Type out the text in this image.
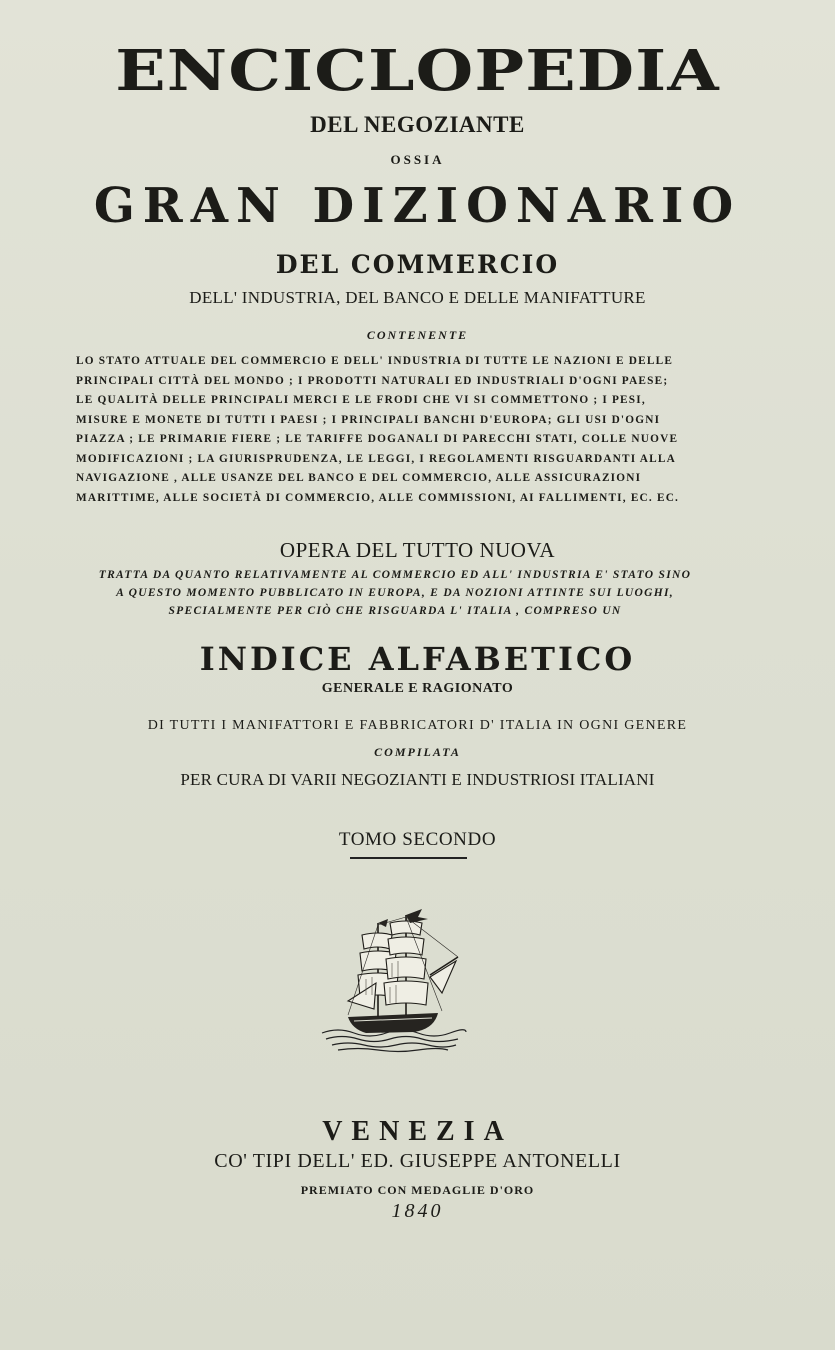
ENCICLOPEDIA
DEL NEGOZIANTE
OSSIA
GRAN DIZIONARIO
DEL COMMERCIO
DELL' INDUSTRIA, DEL BANCO E DELLE MANIFATTURE
CONTENENTE
LO STATO ATTUALE DEL COMMERCIO E DELL' INDUSTRIA DI TUTTE LE NAZIONI E DELLE
PRINCIPALI CITTÀ DEL MONDO ; I PRODOTTI NATURALI ED INDUSTRIALI D'OGNI PAESE;
LE QUALITÀ DELLE PRINCIPALI MERCI E LE FRODI CHE VI SI COMMETTONO ; I PESI,
MISURE E MONETE DI TUTTI I PAESI ; I PRINCIPALI BANCHI D'EUROPA; GLI USI D'OGNI
PIAZZA ; LE PRIMARIE FIERE ; LE TARIFFE DOGANALI DI PARECCHI STATI, COLLE NUOVE
MODIFICAZIONI ; LA GIURISPRUDENZA, LE LEGGI, I REGOLAMENTI RISGUARDANTI ALLA
NAVIGAZIONE , ALLE USANZE DEL BANCO E DEL COMMERCIO, ALLE ASSICURAZIONI
MARITTIME, ALLE SOCIETÀ DI COMMERCIO, ALLE COMMISSIONI, AI FALLIMENTI, EC. EC.
OPERA DEL TUTTO NUOVA
TRATTA DA QUANTO RELATIVAMENTE AL COMMERCIO ED ALL' INDUSTRIA E' STATO SINO
A QUESTO MOMENTO PUBBLICATO IN EUROPA, E DA NOZIONI ATTINTE SUI LUOGHI,
SPECIALMENTE PER CIÒ CHE RISGUARDA L' ITALIA , COMPRESO UN
INDICE ALFABETICO
GENERALE E RAGIONATO
DI TUTTI I MANIFATTORI E FABBRICATORI D' ITALIA IN OGNI GENERE
COMPILATA
PER CURA DI VARII NEGOZIANTI E INDUSTRIOSI ITALIANI
TOMO SECONDO
VENEZIA
CO' TIPI DELL' ED. GIUSEPPE ANTONELLI
PREMIATO CON MEDAGLIE D'ORO
1840
